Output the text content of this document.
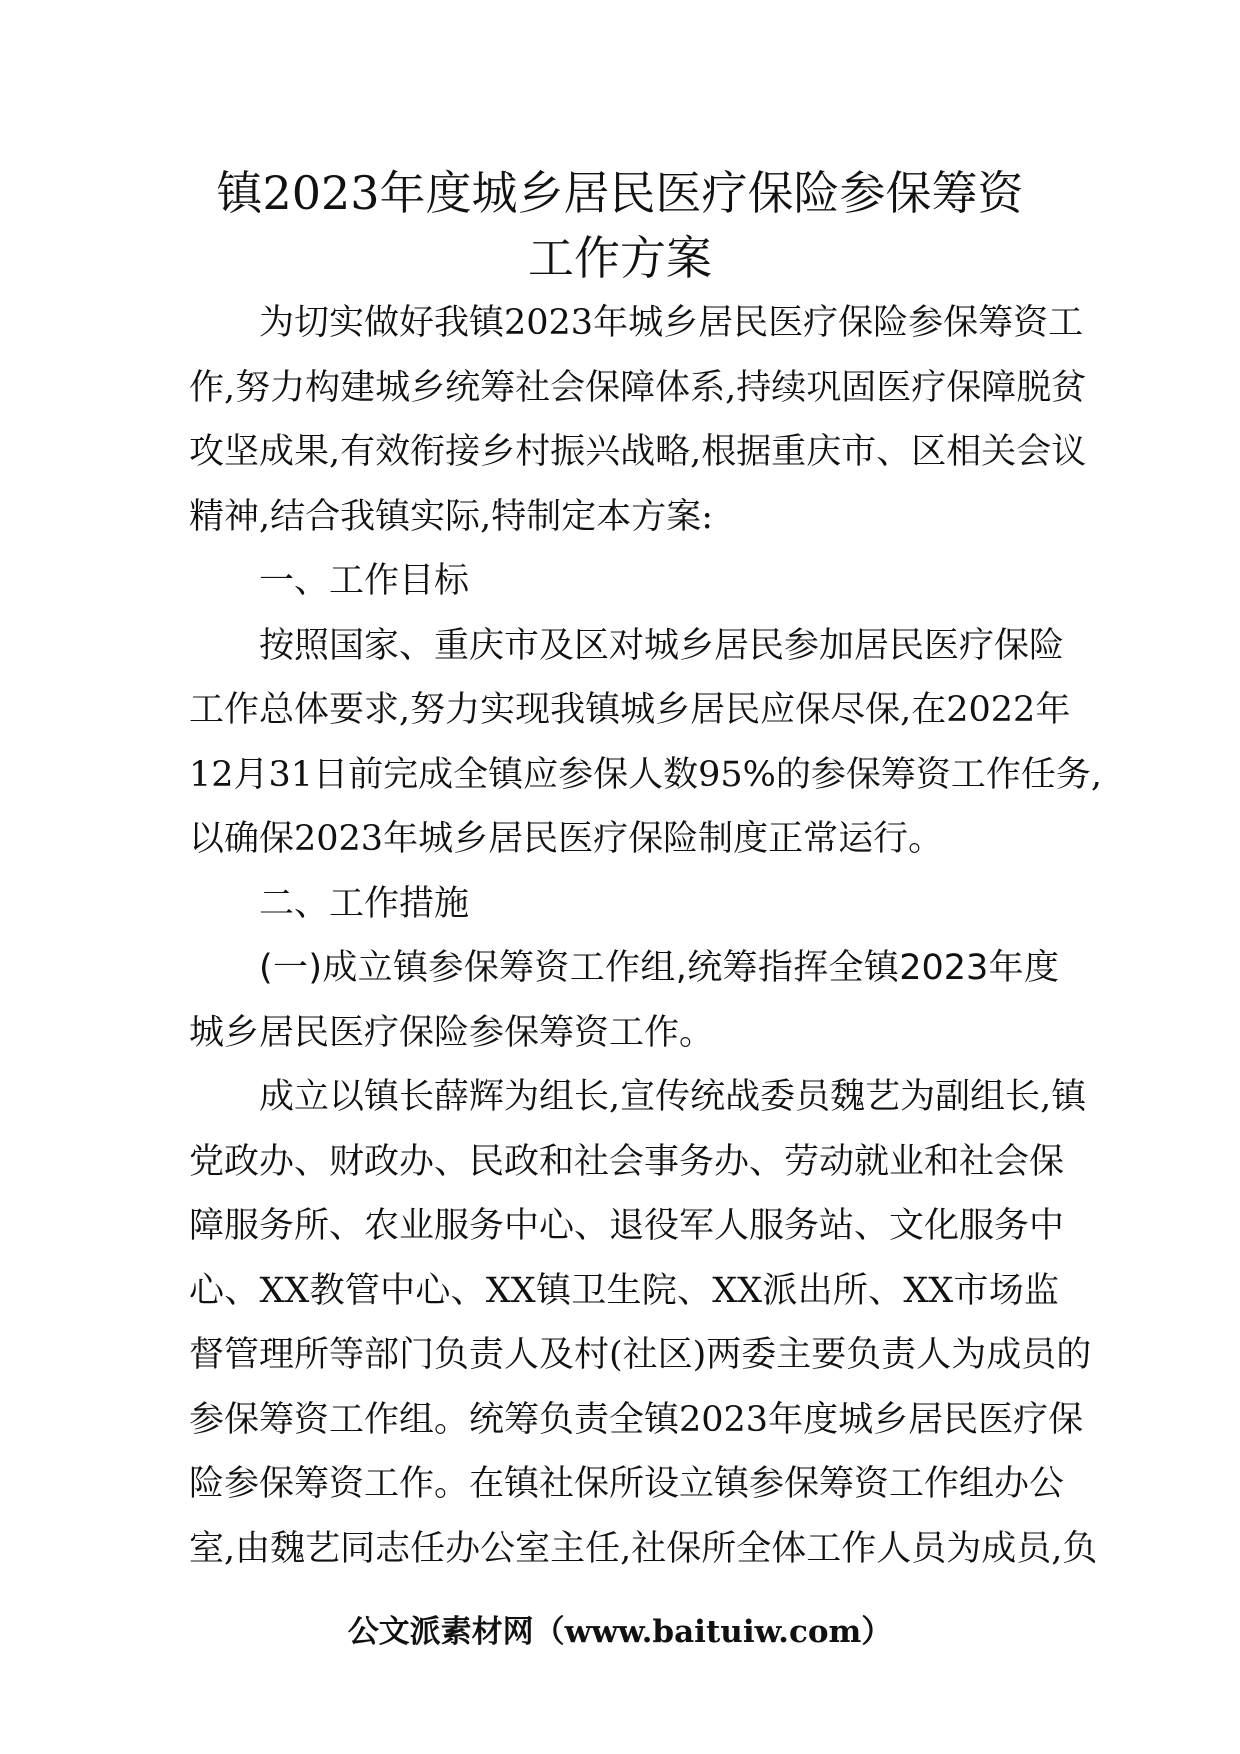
镇2023年度城乡居民医疗保险参保筹资
工作方案
为切实做好我镇2023年城乡居民医疗保险参保筹资工
作,努力构建城乡统筹社会保障体系,持续巩固医疗保障脱贫
攻坚成果,有效衔接乡村振兴战略,根据重庆市、区相关会议
精神,结合我镇实际,特制定本方案:
一、工作目标
按照国家、重庆市及区对城乡居民参加居民医疗保险
工作总体要求,努力实现我镇城乡居民应保尽保,在2022年
12月31日前完成全镇应参保人数95%的参保筹资工作任务,
以确保2023年城乡居民医疗保险制度正常运行。
二、工作措施
(一)成立镇参保筹资工作组,统筹指挥全镇2023年度
城乡居民医疗保险参保筹资工作。
成立以镇长薛辉为组长,宣传统战委员魏艺为副组长,镇
党政办、财政办、民政和社会事务办、劳动就业和社会保
障服务所、农业服务中心、退役军人服务站、文化服务中
心、XX教管中心、XX镇卫生院、XX派出所、XX市场监
督管理所等部门负责人及村(社区)两委主要负责人为成员的
参保筹资工作组。统筹负责全镇2023年度城乡居民医疗保
险参保筹资工作。在镇社保所设立镇参保筹资工作组办公
室,由魏艺同志任办公室主任,社保所全体工作人员为成员,负
公文派素材网（www.baituiw.com）
